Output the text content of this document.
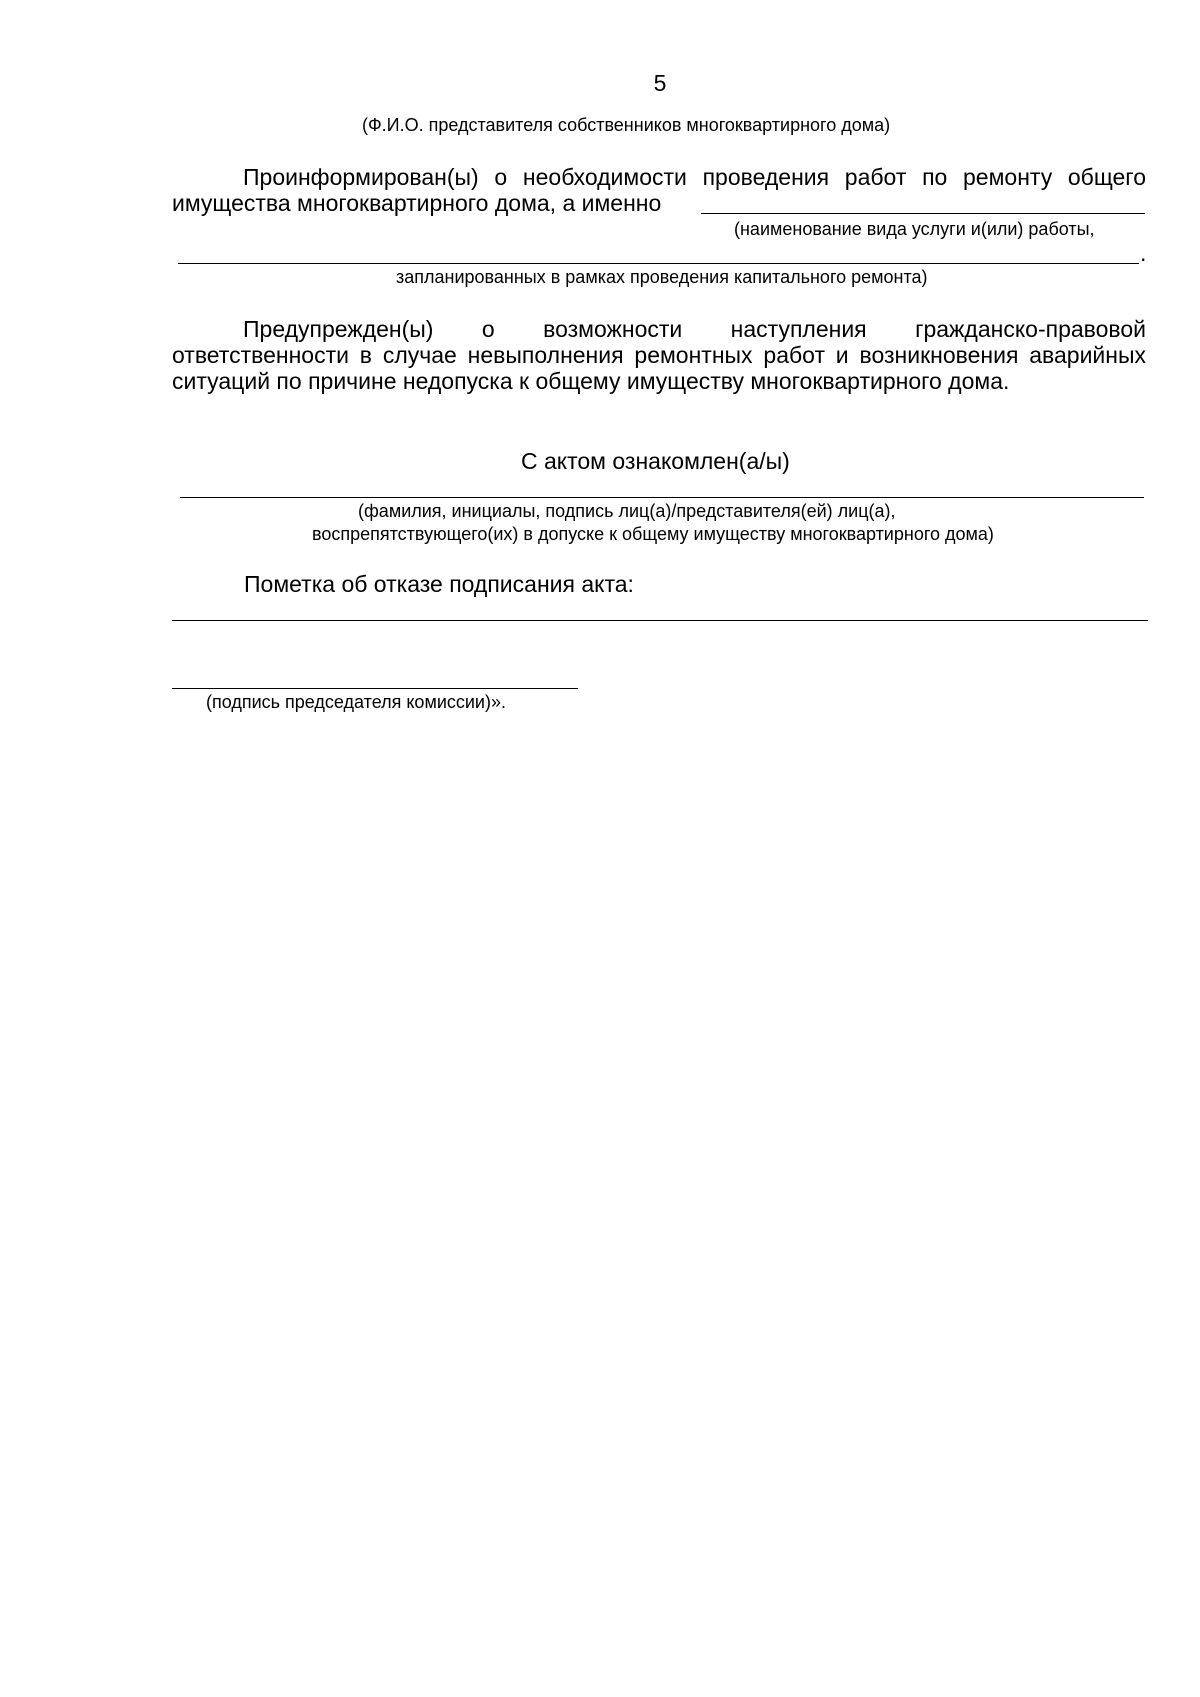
5
(Ф.И.О. представителя собственников многоквартирного дома)
Проинформирован(ы) о необходимости проведения работ по ремонту общего
имущества многоквартирного дома, а именно
(наименование вида услуги и(или) работы,
.
запланированных в рамках проведения капитального ремонта)
Предупрежден(ы) о возможности наступления гражданско-правовой ответственности в случае невыполнения ремонтных работ и возникновения аварийных ситуаций по причине недопуска к общему имуществу многоквартирного дома.
С актом ознакомлен(а/ы)
(фамилия, инициалы, подпись лиц(а)/представителя(ей) лиц(а),
воспрепятствующего(их) в допуске к общему имуществу многоквартирного дома)
Пометка об отказе подписания акта:
(подпись председателя комиссии)».
